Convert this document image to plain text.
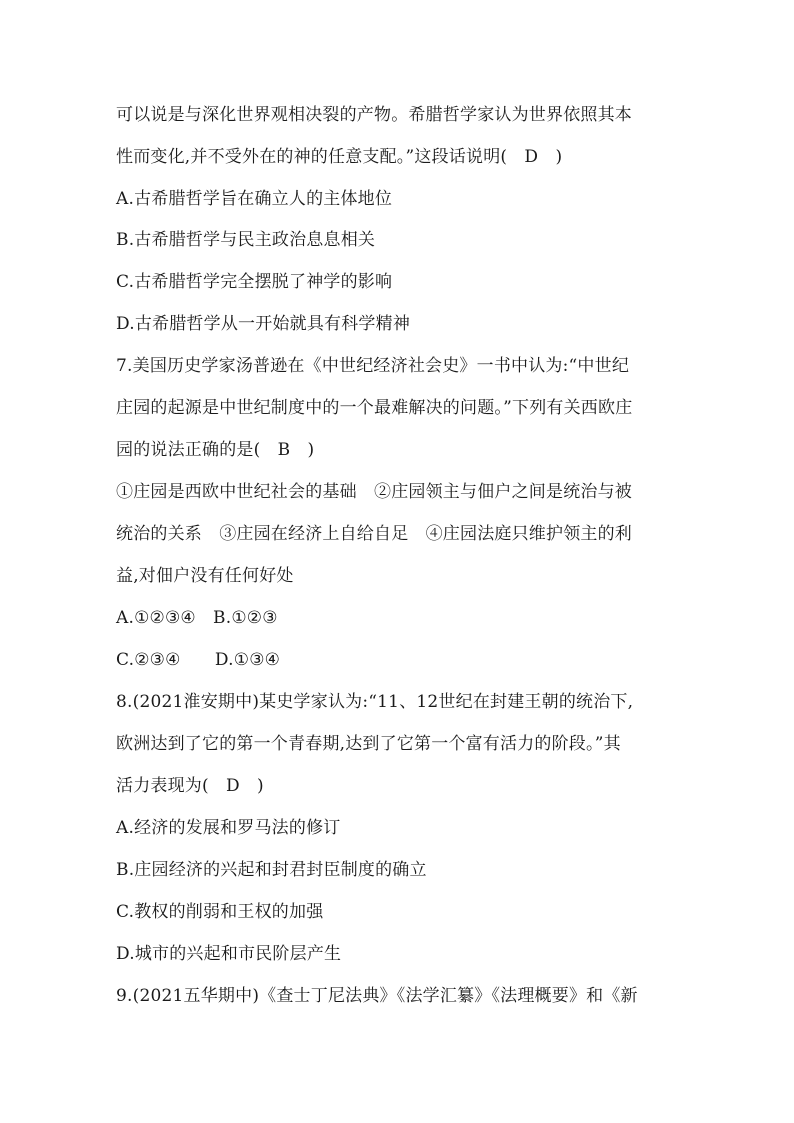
可以说是与深化世界观相决裂的产物。希腊哲学家认为世界依照其本
性而变化,并不受外在的神的任意支配。”这段话说明(　D　)
A.古希腊哲学旨在确立人的主体地位
B.古希腊哲学与民主政治息息相关
C.古希腊哲学完全摆脱了神学的影响
D.古希腊哲学从一开始就具有科学精神
7.美国历史学家汤普逊在《中世纪经济社会史》一书中认为:“中世纪
庄园的起源是中世纪制度中的一个最难解决的问题。”下列有关西欧庄
园的说法正确的是(　B　)
①庄园是西欧中世纪社会的基础　②庄园领主与佃户之间是统治与被
统治的关系　③庄园在经济上自给自足　④庄园法庭只维护领主的利
益,对佃户没有任何好处
A.①②③④　B.①②③
C.②③④　　D.①③④
8.(2021淮安期中)某史学家认为:“11、12世纪在封建王朝的统治下,
欧洲达到了它的第一个青春期,达到了它第一个富有活力的阶段。”其
活力表现为(　D　)
A.经济的发展和罗马法的修订
B.庄园经济的兴起和封君封臣制度的确立
C.教权的削弱和王权的加强
D.城市的兴起和市民阶层产生
9.(2021五华期中)《查士丁尼法典》《法学汇纂》《法理概要》和《新
